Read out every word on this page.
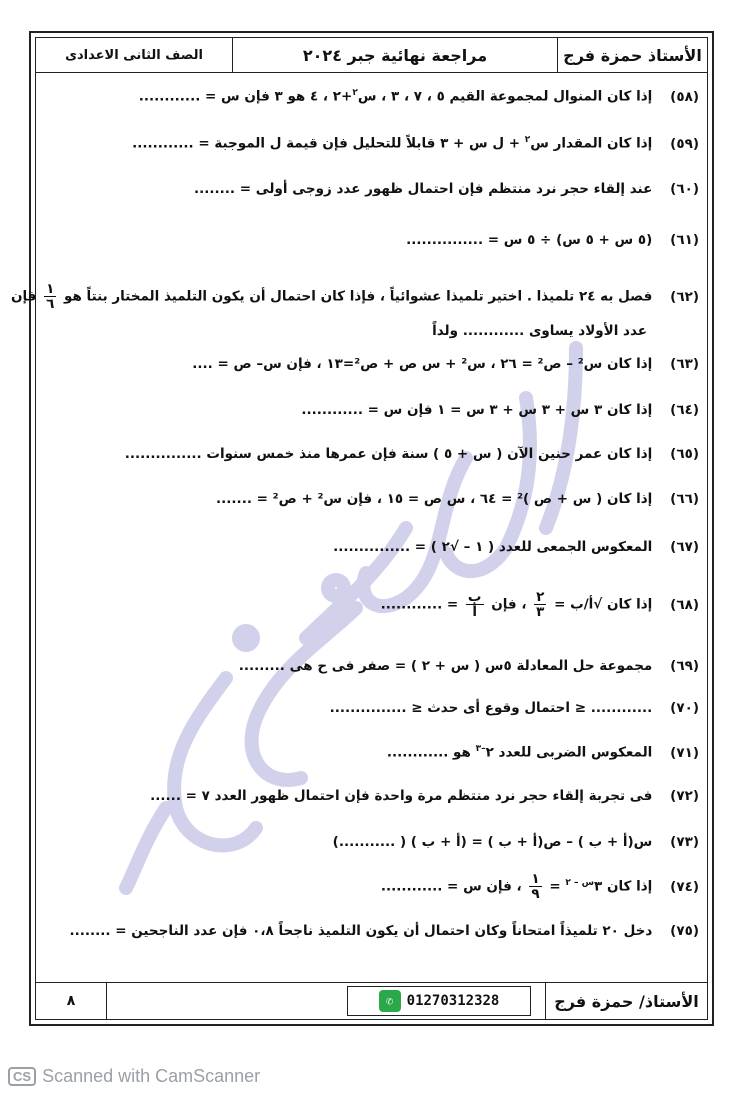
الأستاذ حمزة فرج
مراجعة نهائية جبر ٢٠٢٤
الصف الثانى الاعدادى
(٥٨) إذا كان المنوال لمجموعة القيم ٥ ، ٧ ، ٣ ، س$^٢$+٢ ، ٤ هو ٣ فإن س = ............
(٥٩) إذا كان المقدار س$^٢$ + ل س + ٣ قابلاً للتحليل فإن قيمة ل الموجبة = ............
(٦٠) عند إلقاء حجر نرد منتظم فإن احتمال ظهور عدد زوجى أولى = ........
(٦١) (٥ س + ٥ س) ÷ ٥ س = ...............
(٦٢) فصل به ٢٤ تلميذا . اختير تلميذا عشوائياً ، فإذا كان احتمال أن يكون التلميذ المختار بنتاً هو
$\frac{١}{٦}$
فإن
عدد الأولاد يساوى ............ ولداً
(٦٣) إذا كان س² – ص² = ٢٦ ، س² + س ص + ص²=١٣ ، فإن س– ص = ....
(٦٤) إذا كان ٣ س + ٣ س + ٣ س = ١ فإن س = ............
(٦٥) إذا كان عمر حنين الآن ( س + ٥ ) سنة فإن عمرها منذ خمس سنوات ...............
(٦٦) إذا كان ( س + ص )² = ٦٤ ، س ص = ١٥ ، فإن س² + ص² = .......
(٦٧) المعكوس الجمعى للعدد ( ١ – √٢ ) = ...............
(٦٨) إذا كان √أ/ب =
$\frac{٢}{٣}$
، فإن
$\frac{\text{ب}}{\text{أ}}$
= ............
(٦٩) مجموعة حل المعادلة ٥س ( س + ٢ ) = صفر فى ح هى .........
(٧٠) ............ ≤ احتمال وقوع أى حدث ≤ ...............
(٧١) المعكوس الضربى للعدد $٢^{-٣}$ هو ............
(٧٢) فى تجربة إلقاء حجر نرد منتظم مرة واحدة فإن احتمال ظهور العدد ٧ = ......
(٧٣) س(أ + ب ) – ص(أ + ب ) = (أ + ب ) ( ...........)
(٧٤) إذا كان $٣^{س - ٢}$ =
$\frac{١}{٩}$
، فإن س = ............
(٧٥) دخل ٢٠ تلميذاً امتحاناً وكان احتمال أن يكون التلميذ ناجحاً ٠،٨ فإن عدد الناجحين = ........
٨	✆ 01270312328	الأستاذ/ حمزة فرج
CS Scanned with CamScanner
